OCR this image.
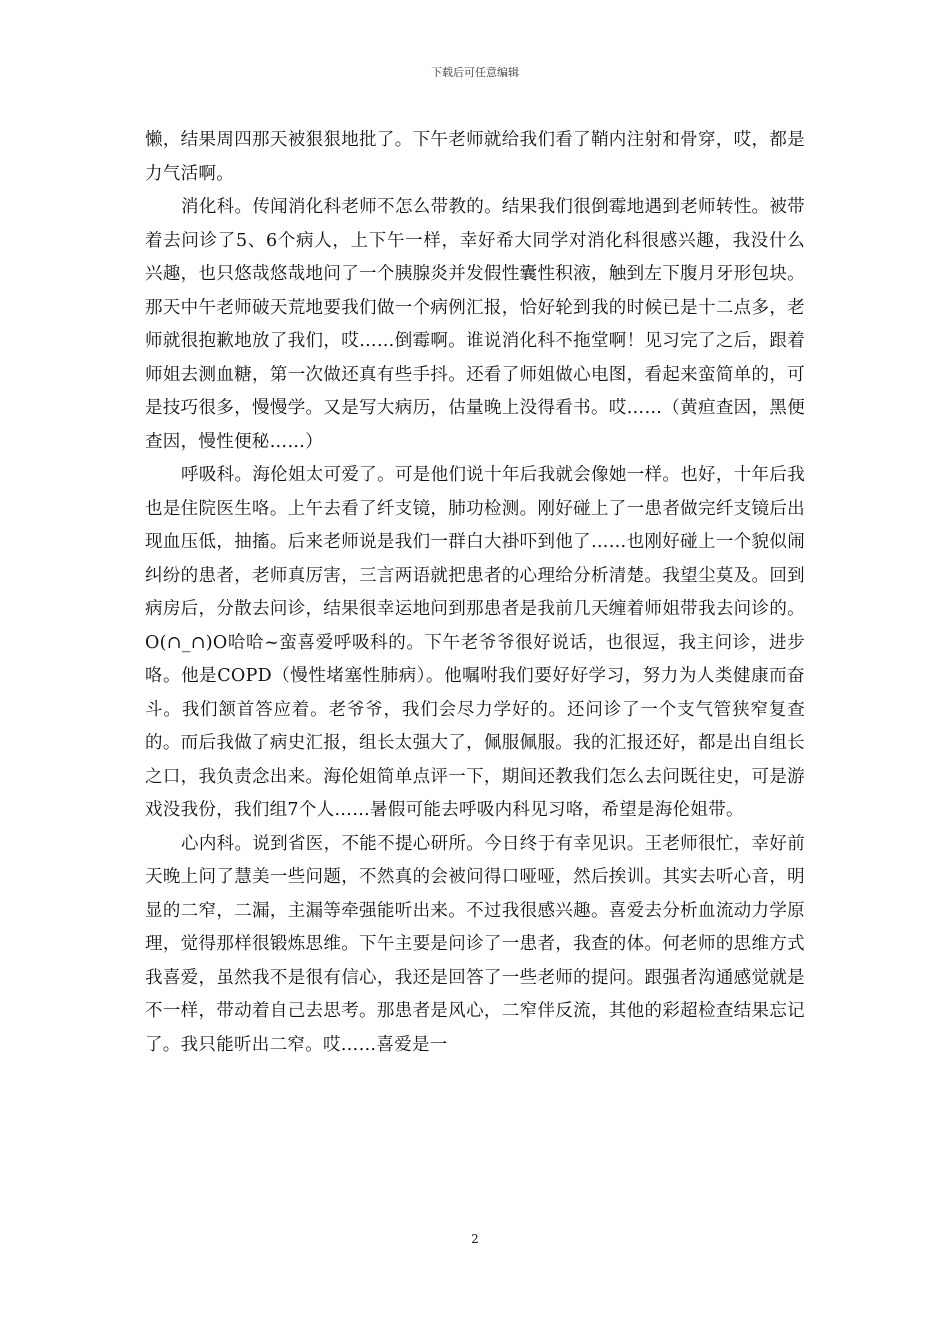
下载后可任意编辑

懒，结果周四那天被狠狠地批了。下午老师就给我们看了鞘内注射和骨穿，哎，都是力气活啊。

消化科。传闻消化科老师不怎么带教的。结果我们很倒霉地遇到老师转性。被带着去问诊了5、6个病人，上下午一样，幸好希大同学对消化科很感兴趣，我没什么兴趣，也只悠哉悠哉地问了一个胰腺炎并发假性囊性积液，触到左下腹月牙形包块。那天中午老师破天荒地要我们做一个病例汇报，恰好轮到我的时候已是十二点多，老师就很抱歉地放了我们，哎……倒霉啊。谁说消化科不拖堂啊！见习完了之后，跟着师姐去测血糖，第一次做还真有些手抖。还看了师姐做心电图，看起来蛮简单的，可是技巧很多，慢慢学。又是写大病历，估量晚上没得看书。哎……（黄疸查因，黑便查因，慢性便秘……）

呼吸科。海伦姐太可爱了。可是他们说十年后我就会像她一样。也好，十年后我也是住院医生咯。上午去看了纤支镜，肺功检测。刚好碰上了一患者做完纤支镜后出现血压低，抽搐。后来老师说是我们一群白大褂吓到他了……也刚好碰上一个貌似闹纠纷的患者，老师真厉害，三言两语就把患者的心理给分析清楚。我望尘莫及。回到病房后，分散去问诊，结果很幸运地问到那患者是我前几天缠着师姐带我去问诊的。O(∩_∩)O哈哈~蛮喜爱呼吸科的。下午老爷爷很好说话，也很逗，我主问诊，进步咯。他是COPD（慢性堵塞性肺病）。他嘱咐我们要好好学习，努力为人类健康而奋斗。我们颔首答应着。老爷爷，我们会尽力学好的。还问诊了一个支气管狭窄复查的。而后我做了病史汇报，组长太强大了，佩服佩服。我的汇报还好，都是出自组长之口，我负责念出来。海伦姐简单点评一下，期间还教我们怎么去问既往史，可是游戏没我份，我们组7个人……暑假可能去呼吸内科见习咯，希望是海伦姐带。

心内科。说到省医，不能不提心研所。今日终于有幸见识。王老师很忙，幸好前天晚上问了慧美一些问题，不然真的会被问得口哑哑，然后挨训。其实去听心音，明显的二窄，二漏，主漏等牵强能听出来。不过我很感兴趣。喜爱去分析血流动力学原理，觉得那样很锻炼思维。下午主要是问诊了一患者，我查的体。何老师的思维方式我喜爱，虽然我不是很有信心，我还是回答了一些老师的提问。跟强者沟通感觉就是不一样，带动着自己去思考。那患者是风心，二窄伴反流，其他的彩超检查结果忘记了。我只能听出二窄。哎……喜爱是一

2
